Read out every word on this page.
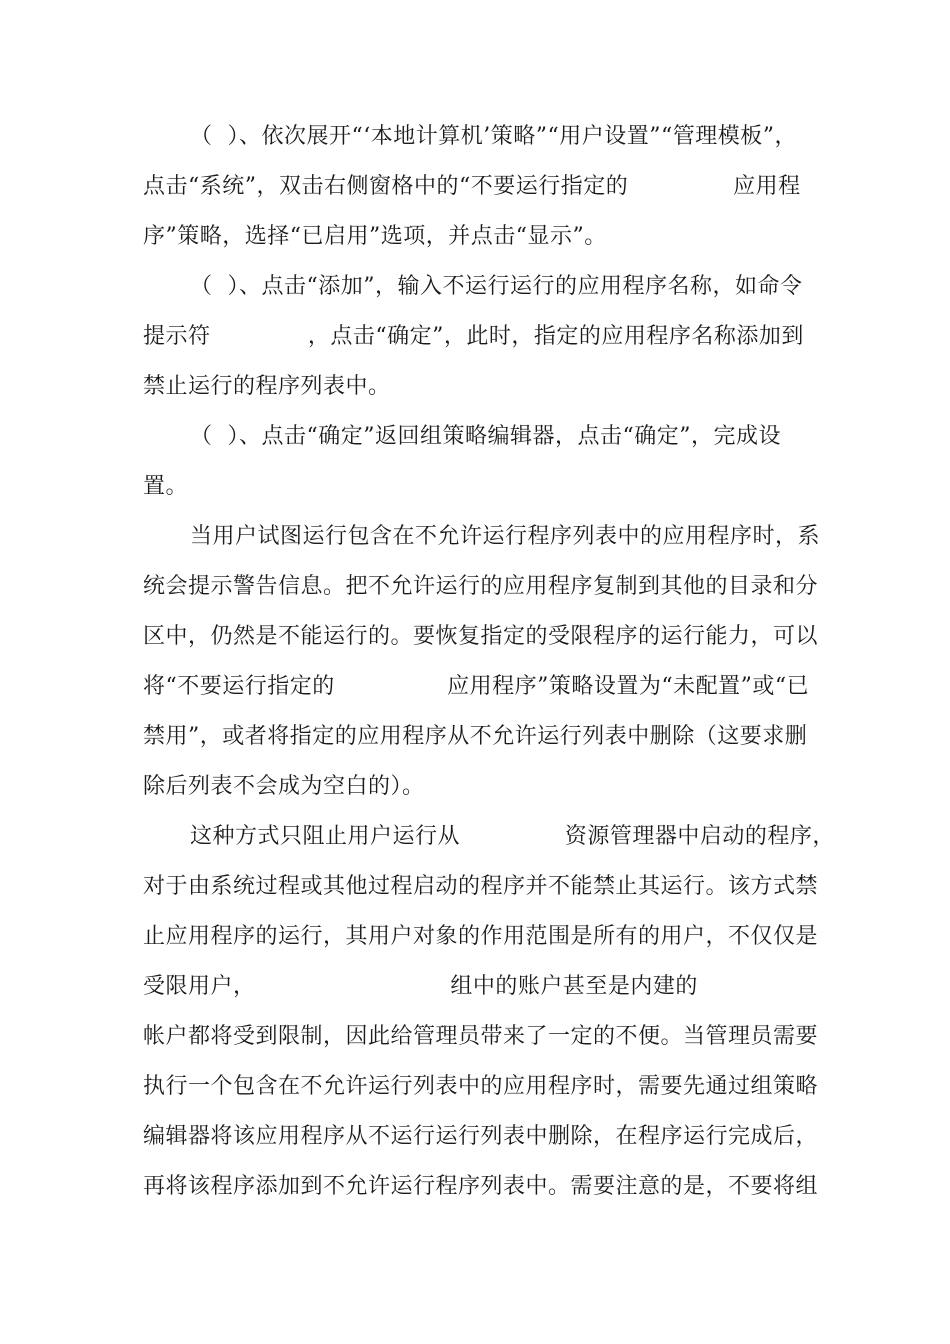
（  ）、依次展开“‘本地计算机’策略”“用户设置”“管理模板”，
点击“系统”，双击右侧窗格中的“不要运行指定的              应用程
序”策略，选择“已启用”选项，并点击“显示”。
（  ）、点击“添加”，输入不运行运行的应用程序名称，如命令
提示符             ，点击“确定”，此时，指定的应用程序名称添加到
禁止运行的程序列表中。
（  ）、点击“确定”返回组策略编辑器，点击“确定”，完成设
置。
当用户试图运行包含在不允许运行程序列表中的应用程序时，系
统会提示警告信息。把不允许运行的应用程序复制到其他的目录和分
区中，仍然是不能运行的。要恢复指定的受限程序的运行能力，可以
将“不要运行指定的               应用程序”策略设置为“未配置”或“已
禁用”，或者将指定的应用程序从不允许运行列表中删除（这要求删
除后列表不会成为空白的）。
这种方式只阻止用户运行从              资源管理器中启动的程序，
对于由系统过程或其他过程启动的程序并不能禁止其运行。该方式禁
止应用程序的运行，其用户对象的作用范围是所有的用户，不仅仅是
受限用户，                          组中的账户甚至是内建的
帐户都将受到限制，因此给管理员带来了一定的不便。当管理员需要
执行一个包含在不允许运行列表中的应用程序时，需要先通过组策略
编辑器将该应用程序从不运行运行列表中删除，在程序运行完成后，
再将该程序添加到不允许运行程序列表中。需要注意的是，不要将组
